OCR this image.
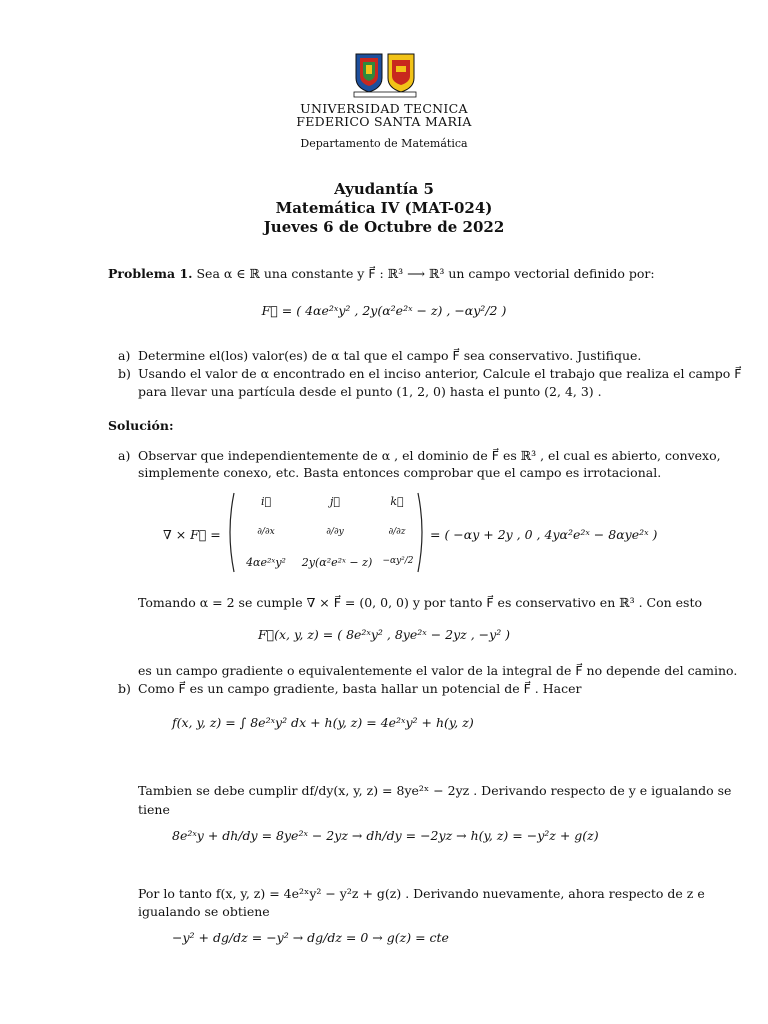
UNIVERSIDAD TECNICA
FEDERICO SANTA MARIA
Departamento de Matemática
Ayudantía 5
Matemática IV (MAT-024)
Jueves 6 de Octubre de 2022
Problema 1. Sea α ∈ ℝ una constante y F⃗ : ℝ³ ⟶ ℝ³ un campo vectorial definido por:
F⃗ = ( 4αe²ˣy² , 2y(α²e²ˣ − z) , −αy²/2 )
a) Determine el(los) valor(es) de α tal que el campo F⃗ sea conservativo. Justifique.
b) Usando el valor de α encontrado en el inciso anterior, Calcule el trabajo que realiza el campo F⃗
para llevar una partícula desde el punto (1, 2, 0) hasta el punto (2, 4, 3) .
Solución:
a) Observar que independientemente de α , el dominio de F⃗ es ℝ³ , el cual es abierto, convexo,
simplemente conexo, etc. Basta entonces comprobar que el campo es irrotacional.
∇ × F⃗ =
i⃗	j⃗	k⃗
∂/∂x	∂/∂y	∂/∂z
4αe²ˣy²	2y(α²e²ˣ − z)	−αy²/2
= ( −αy + 2y , 0 , 4yα²e²ˣ − 8αye²ˣ )
Tomando α = 2 se cumple ∇ × F⃗ = (0, 0, 0) y por tanto F⃗ es conservativo en ℝ³ . Con esto
F⃗(x, y, z) = ( 8e²ˣy² , 8ye²ˣ − 2yz , −y² )
es un campo gradiente o equivalentemente el valor de la integral de F⃗ no depende del camino.
b) Como F⃗ es un campo gradiente, basta hallar un potencial de F⃗ . Hacer
f(x, y, z) = ∫ 8e²ˣy² dx + h(y, z) = 4e²ˣy² + h(y, z)
Tambien se debe cumplir df/dy(x, y, z) = 8ye²ˣ − 2yz . Derivando respecto de y e igualando se
tiene
8e²ˣy + dh/dy = 8ye²ˣ − 2yz → dh/dy = −2yz → h(y, z) = −y²z + g(z)
Por lo tanto f(x, y, z) = 4e²ˣy² − y²z + g(z) . Derivando nuevamente, ahora respecto de z e
igualando se obtiene
−y² + dg/dz = −y² → dg/dz = 0 → g(z) = cte
